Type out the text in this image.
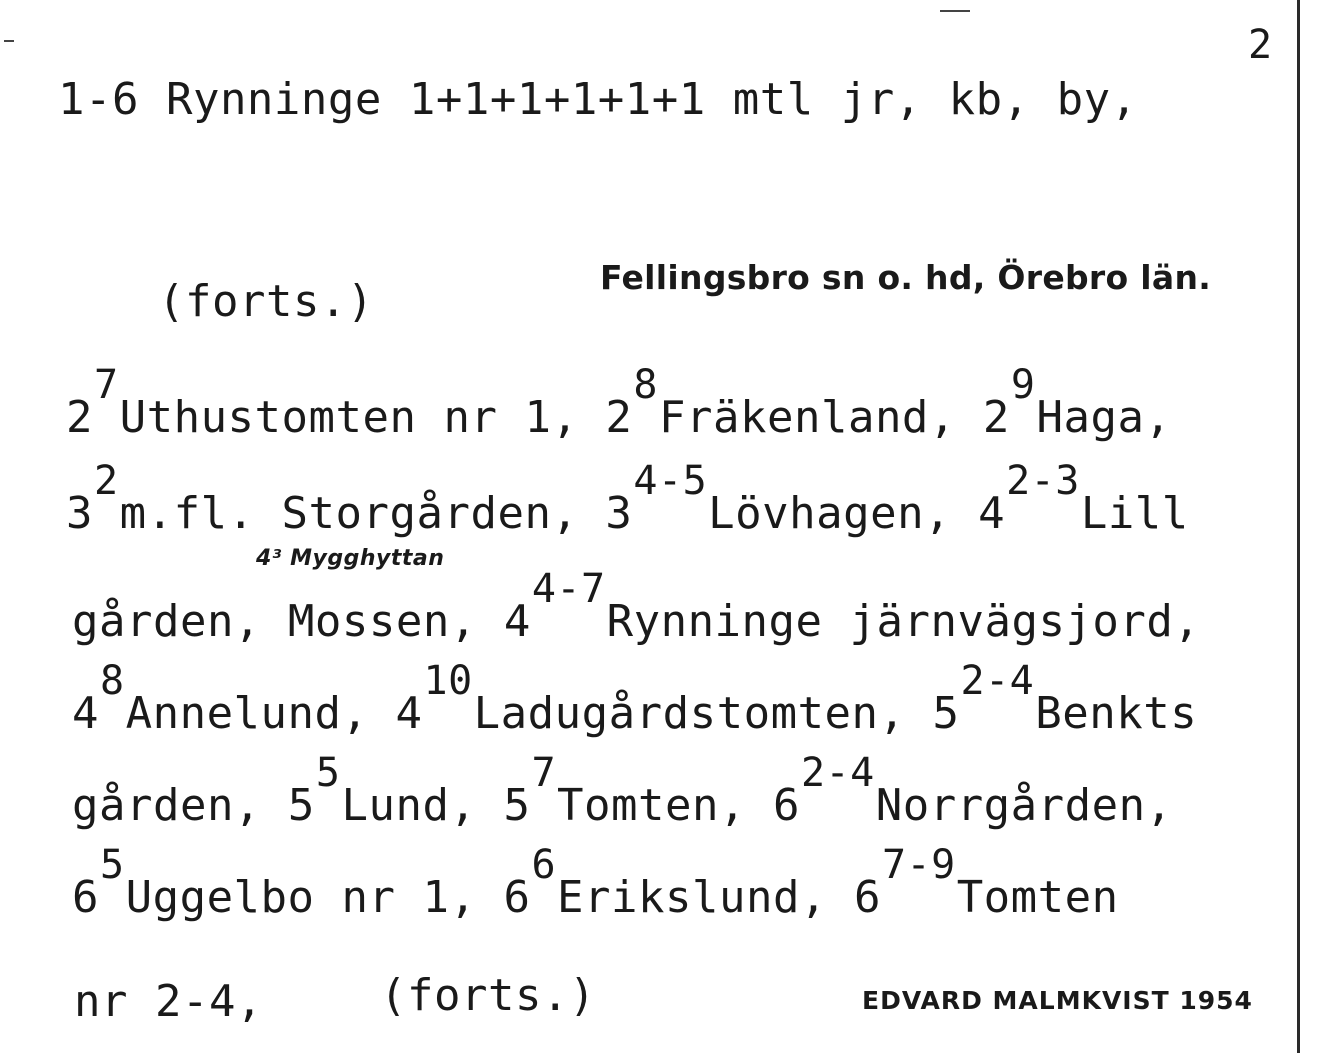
2
1-6 Rynninge 1+1+1+1+1+1 mtl jr, kb, by,
(forts.)	Fellingsbro sn o. hd, Örebro län.
27Uthustomten nr 1, 28Fräkenland, 29Haga,
32m.fl. Storgården, 34-5Lövhagen, 42-3Lill
4³ Mygghyttan
gården, Mossen, 44-7Rynninge järnvägsjord,
48Annelund, 410Ladugårdstomten, 52-4Benkts
gården, 55Lund, 57Tomten, 62-4Norrgården,
65Uggelbo nr 1, 66Erikslund, 67-9Tomten
nr 2-4,	(forts.)	EDVARD MALMKVIST 1954
